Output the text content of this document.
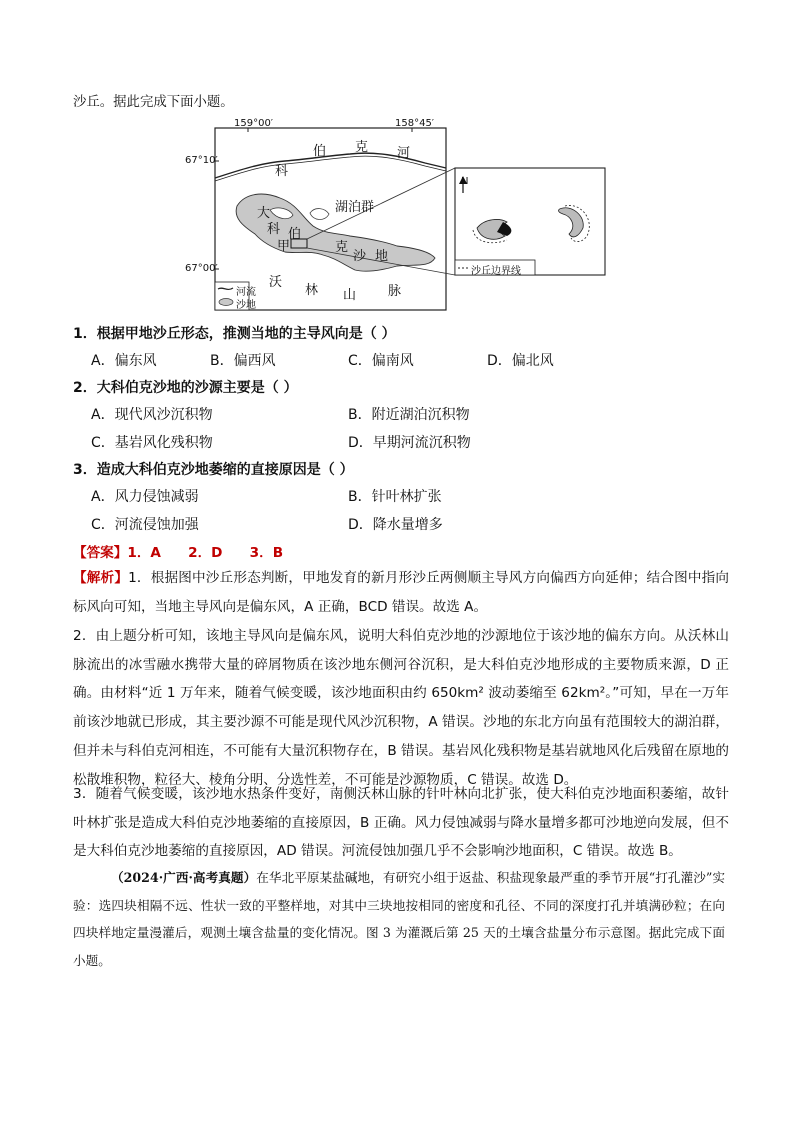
沙丘。据此完成下面小题。
159°00′	158°45′
67°10′
67°00′
科
伯 克 河
大
科 伯
甲	克
沙 地
湖泊群
沃
林 山 脉
河流
沙地
N
沙丘边界线
1．根据甲地沙丘形态，推测当地的主导风向是（ ）
A．偏东风	B．偏西风	C．偏南风	D．偏北风
2．大科伯克沙地的沙源主要是（ ）
A．现代风沙沉积物	B．附近湖泊沉积物
C．基岩风化残积物	D．早期河流沉积物
3．造成大科伯克沙地萎缩的直接原因是（ ）
A．风力侵蚀减弱	B．针叶林扩张
C．河流侵蚀加强	D．降水量增多
【答案】1．A　　2．D　　3．B
【解析】1．根据图中沙丘形态判断，甲地发育的新月形沙丘两侧顺主导风方向偏西方向延伸；结合图中指向标风向可知，当地主导风向是偏东风，A 正确，BCD 错误。故选 A。
2．由上题分析可知，该地主导风向是偏东风，说明大科伯克沙地的沙源地位于该沙地的偏东方向。从沃林山脉流出的冰雪融水携带大量的碎屑物质在该沙地东侧河谷沉积，是大科伯克沙地形成的主要物质来源，D 正确。由材料“近 1 万年来，随着气候变暖，该沙地面积由约 650km² 波动萎缩至 62km²。”可知，早在一万年前该沙地就已形成，其主要沙源不可能是现代风沙沉积物，A 错误。沙地的东北方向虽有范围较大的湖泊群，但并未与科伯克河相连，不可能有大量沉积物存在，B 错误。基岩风化残积物是基岩就地风化后残留在原地的松散堆积物，粒径大、棱角分明、分选性差，不可能是沙源物质，C 错误。故选 D。
3．随着气候变暖，该沙地水热条件变好，南侧沃林山脉的针叶林向北扩张，使大科伯克沙地面积萎缩，故针叶林扩张是造成大科伯克沙地萎缩的直接原因，B 正确。风力侵蚀减弱与降水量增多都可沙地逆向发展，但不是大科伯克沙地萎缩的直接原因，AD 错误。河流侵蚀加强几乎不会影响沙地面积，C 错误。故选 B。
（2024·广西·高考真题）在华北平原某盐碱地，有研究小组于返盐、积盐现象最严重的季节开展“打孔灌沙”实验：选四块相隔不远、性状一致的平整样地，对其中三块地按相同的密度和孔径、不同的深度打孔并填满砂粒；在向四块样地定量漫灌后，观测土壤含盐量的变化情况。图 3 为灌溉后第 25 天的土壤含盐量分布示意图。据此完成下面小题。
